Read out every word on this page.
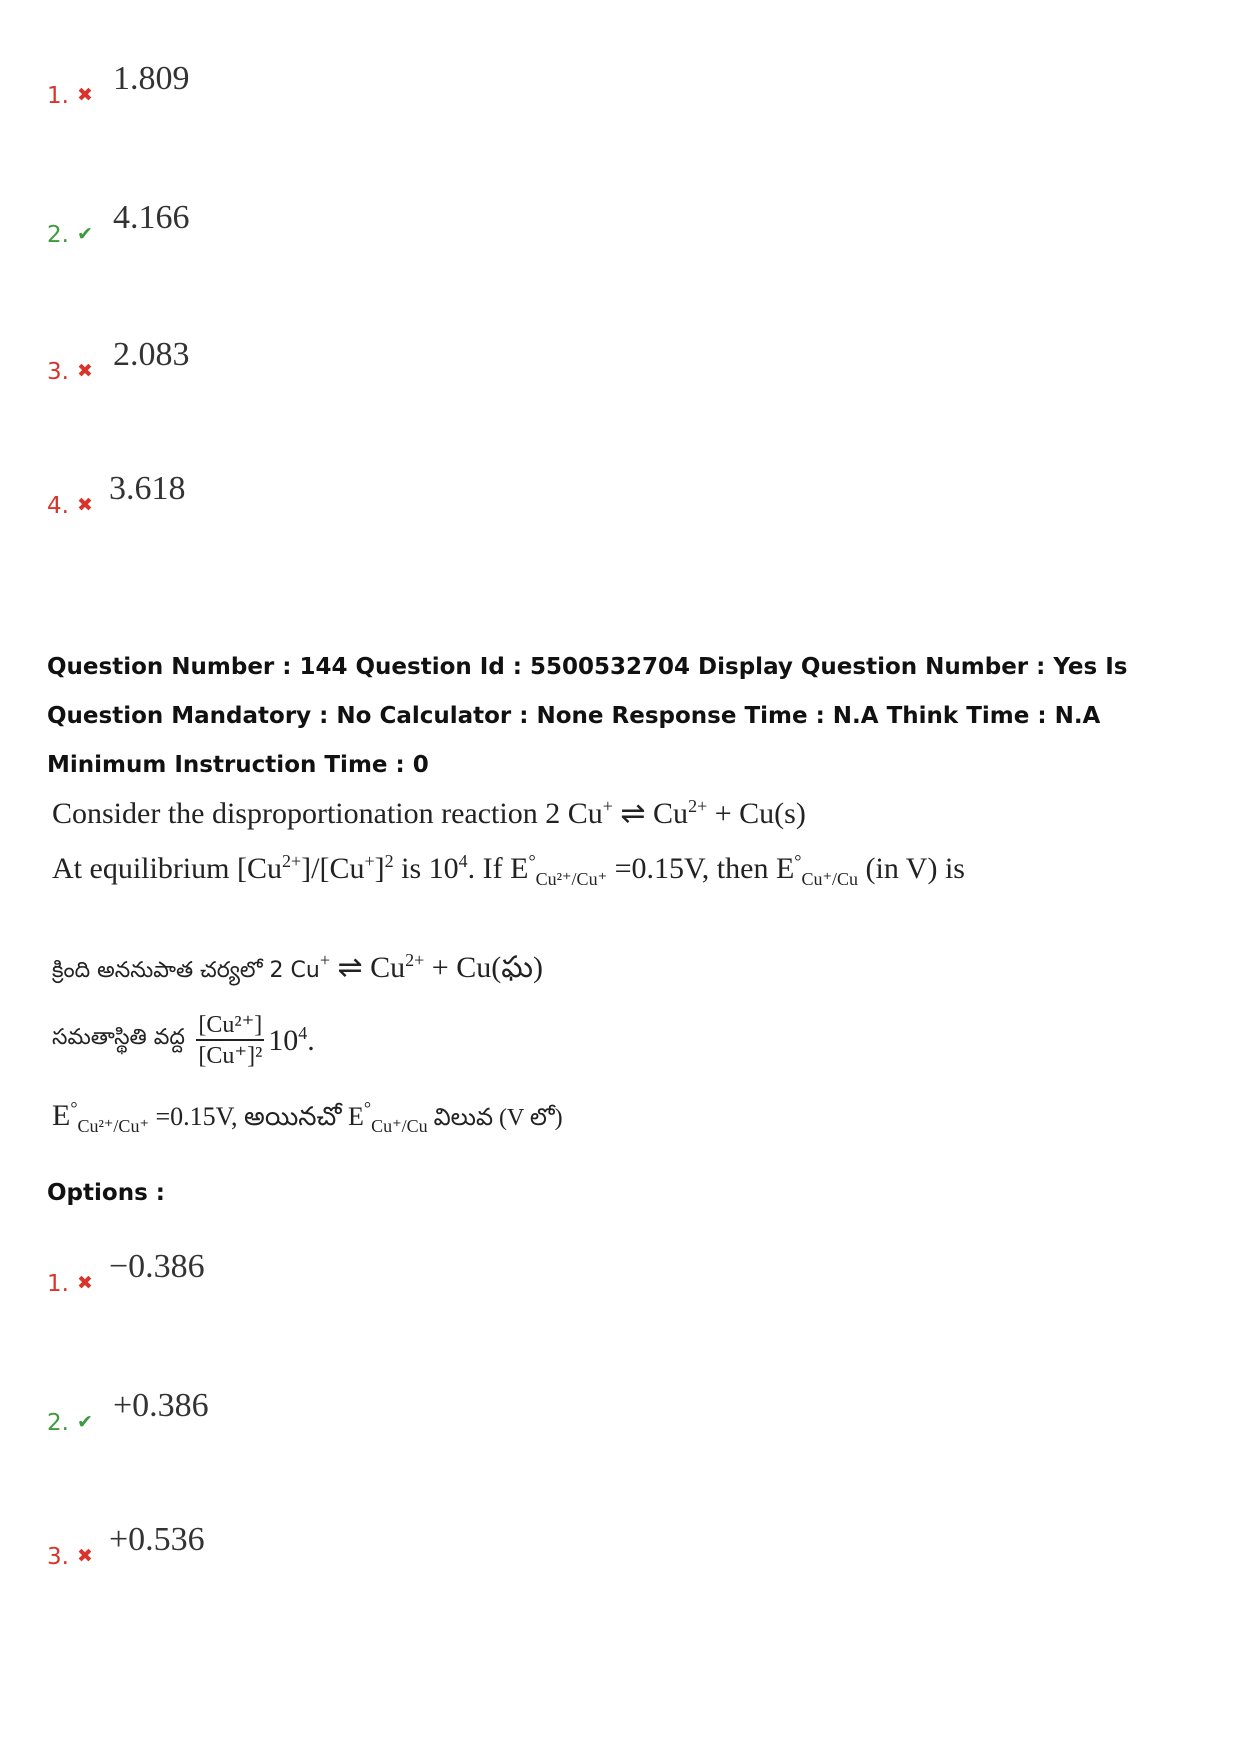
1. ✖ 1.809
2. ✔ 4.166
3. ✖ 2.083
4. ✖ 3.618
Question Number : 144 Question Id : 5500532704 Display Question Number : Yes Is Question Mandatory : No Calculator : None Response Time : N.A Think Time : N.A Minimum Instruction Time : 0
Consider the disproportionation reaction 2 Cu+ ⇌ $Cu^{2+} + Cu(s)$
At equilibrium $[Cu^{2+}]/[Cu^+]^2$ is $10^4$. If $E^\circ_{Cu^{2+}/Cu^+} =0.15V$, then $E^\circ_{Cu^+/Cu}$ (in V) is
క్రింది అననుపాత చర్యలో 2 Cu+ ⇌ $Cu^{2+}$ + Cu(ఘ)
సమతాస్థితి వద్ద $\frac{\text{[Cu²⁺]}}{\text{[Cu⁺]²}} 10^4$.
$E^\circ_{Cu^{2+}/Cu^+} =0.15V$, అయినచో $E^\circ_{Cu^+/Cu}$ విలువ (V లో)
Options :
1. ✖ −0.386
2. ✔ +0.386
3. ✖ +0.536
